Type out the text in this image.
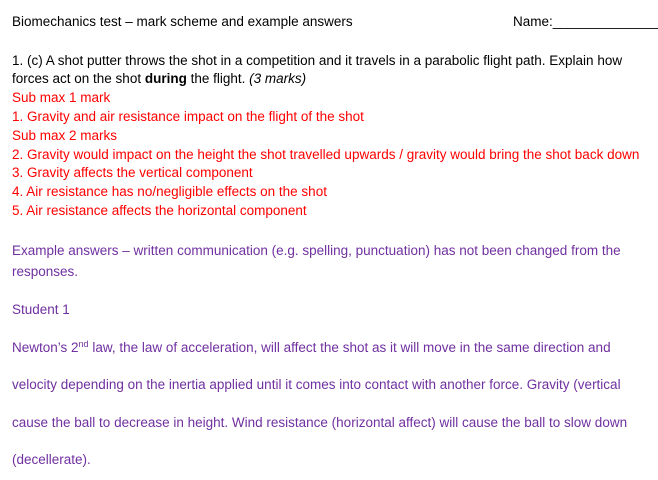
Biomechanics test – mark scheme and example answers	Name:______________
1. (c) A shot putter throws the shot in a competition and it travels in a parabolic flight path. Explain how
forces act on the shot during the flight. (3 marks)
Sub max 1 mark
1. Gravity and air resistance impact on the flight of the shot
Sub max 2 marks
2. Gravity would impact on the height the shot travelled upwards / gravity would bring the shot back down
3. Gravity affects the vertical component
4. Air resistance has no/negligible effects on the shot
5. Air resistance affects the horizontal component
Example answers – written communication (e.g. spelling, punctuation) has not been changed from the
responses.
Student 1
Newton’s 2nd law, the law of acceleration, will affect the shot as it will move in the same direction and
velocity depending on the inertia applied until it comes into contact with another force. Gravity (vertical
cause the ball to decrease in height. Wind resistance (horizontal affect) will cause the ball to slow down
(decellerate).
